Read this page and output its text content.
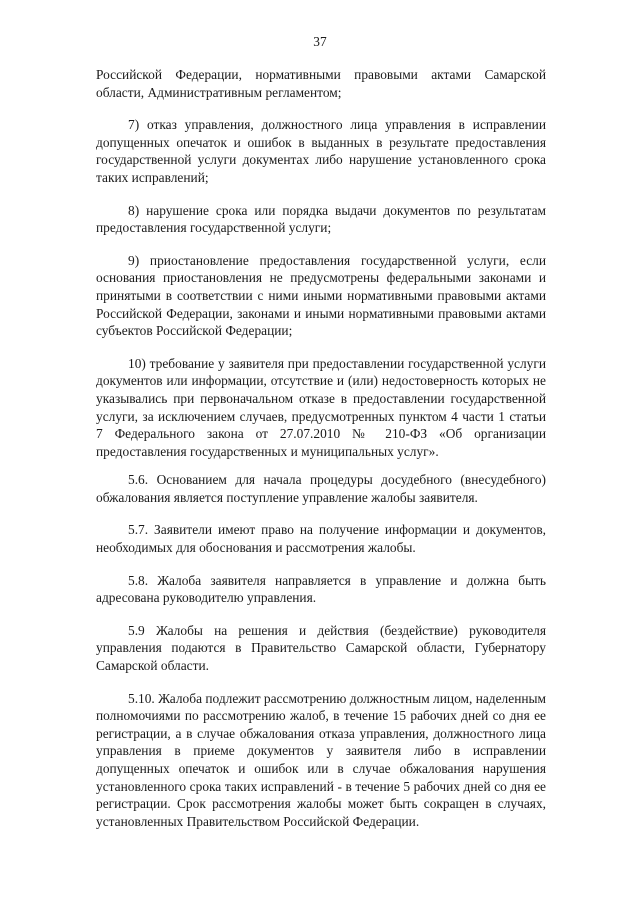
37

Российской Федерации, нормативными правовыми актами Самарской области, Административным регламентом;

7) отказ управления, должностного лица управления в исправлении допущенных опечаток и ошибок в выданных в результате предоставления государственной услуги документах либо нарушение установленного срока таких исправлений;

8) нарушение срока или порядка выдачи документов по результатам предоставления государственной услуги;

9) приостановление предоставления государственной услуги, если основания приостановления не предусмотрены федеральными законами и принятыми в соответствии с ними иными нормативными правовыми актами Российской Федерации, законами и иными нормативными правовыми актами субъектов Российской Федерации;

10) требование у заявителя при предоставлении государственной услуги документов или информации, отсутствие и (или) недостоверность которых не указывались при первоначальном отказе в предоставлении государственной услуги, за исключением случаев, предусмотренных пунктом 4 части 1 статьи 7 Федерального закона от 27.07.2010 № 210-ФЗ «Об организации предоставления государственных и муниципальных услуг».

5.6. Основанием для начала процедуры досудебного (внесудебного) обжалования является поступление управление жалобы заявителя.

5.7. Заявители имеют право на получение информации и документов, необходимых для обоснования и рассмотрения жалобы.

5.8. Жалоба заявителя направляется в управление и должна быть адресована руководителю управления.

5.9 Жалобы на решения и действия (бездействие) руководителя управления подаются в Правительство Самарской области, Губернатору Самарской области.

5.10. Жалоба подлежит рассмотрению должностным лицом, наделенным полномочиями по рассмотрению жалоб, в течение 15 рабочих дней со дня ее регистрации, а в случае обжалования отказа управления, должностного лица управления в приеме документов у заявителя либо в исправлении допущенных опечаток и ошибок или в случае обжалования нарушения установленного срока таких исправлений - в течение 5 рабочих дней со дня ее регистрации. Срок рассмотрения жалобы может быть сокращен в случаях, установленных Правительством Российской Федерации.
